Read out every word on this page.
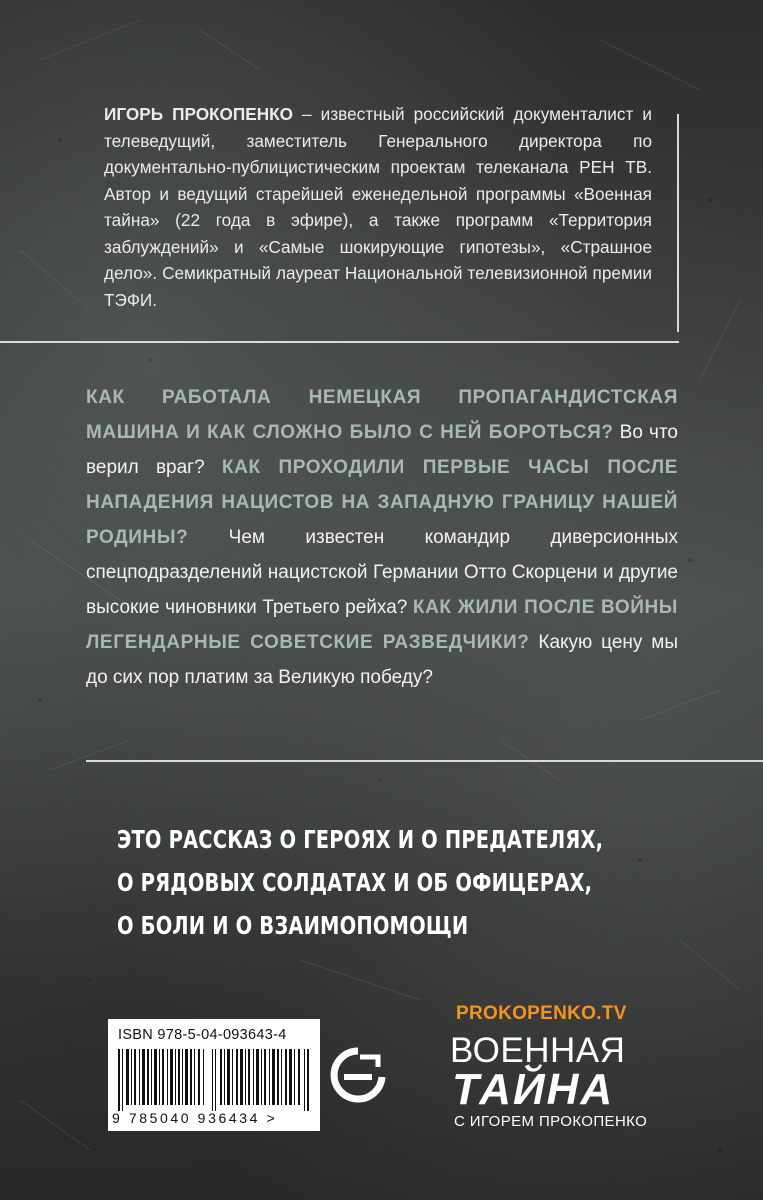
ИГОРЬ ПРОКОПЕНКО – известный российский документалист и телеведущий, заместитель Генерального директора по документально-публицистическим проектам телеканала РЕН ТВ. Автор и ведущий старейшей еженедельной программы «Военная тайна» (22 года в эфире), а также программ «Территория заблуждений» и «Самые шокирующие гипотезы», «Страшное дело». Семикратный лауреат Национальной телевизионной премии ТЭФИ.
КАК РАБОТАЛА НЕМЕЦКАЯ ПРОПАГАНДИСТСКАЯ МАШИНА И КАК СЛОЖНО БЫЛО С НЕЙ БОРОТЬСЯ? Во что верил враг? КАК ПРОХОДИЛИ ПЕРВЫЕ ЧАСЫ ПОСЛЕ НАПАДЕНИЯ НАЦИСТОВ НА ЗАПАДНУЮ ГРАНИЦУ НАШЕЙ РОДИНЫ? Чем известен командир диверсионных спецподразделений нацистской Германии Отто Скорцени и другие высокие чиновники Третьего рейха? КАК ЖИЛИ ПОСЛЕ ВОЙНЫ ЛЕГЕНДАРНЫЕ СОВЕТСКИЕ РАЗВЕДЧИКИ? Какую цену мы до сих пор платим за Великую победу?
ЭТО РАССКАЗ О ГЕРОЯХ И О ПРЕДАТЕЛЯХ,
О РЯДОВЫХ СОЛДАТАХ И ОБ ОФИЦЕРАХ,
О БОЛИ И О ВЗАИМОПОМОЩИ
ISBN 978-5-04-093643-4
9 785040 936434 >
PROKOPENKO.TV
ВОЕННАЯ
ТАЙНА
С ИГОРЕМ ПРОКОПЕНКО
